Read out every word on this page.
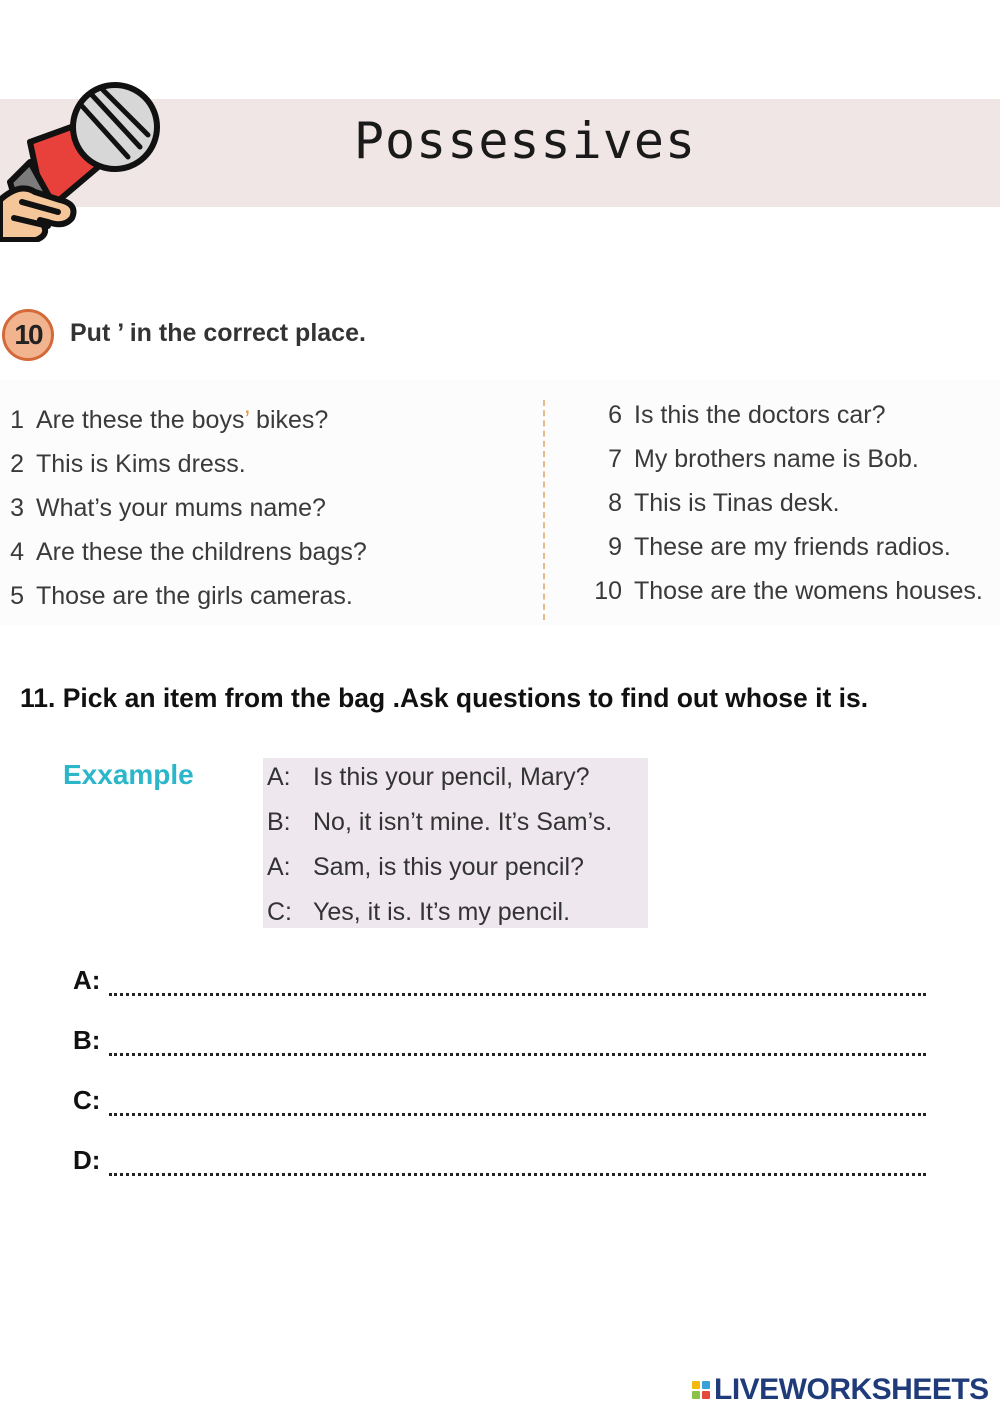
Possessives
10	Put ’ in the correct place.
1 Are these the boys’ bikes?
2 This is Kims dress.
3 What’s your mums name?
4 Are these the childrens bags?
5 Those are the girls cameras.
6 Is this the doctors car?
7 My brothers name is Bob.
8 This is Tinas desk.
9 These are my friends radios.
10 Those are the womens houses.
11. Pick an item from the bag .Ask questions to find out whose it is.
Exxample	A: Is this your pencil, Mary?
B: No, it isn’t mine. It’s Sam’s.
A: Sam, is this your pencil?
C: Yes, it is. It’s my pencil.
A:
B:
C:
D:
LIVEWORKSHEETS
